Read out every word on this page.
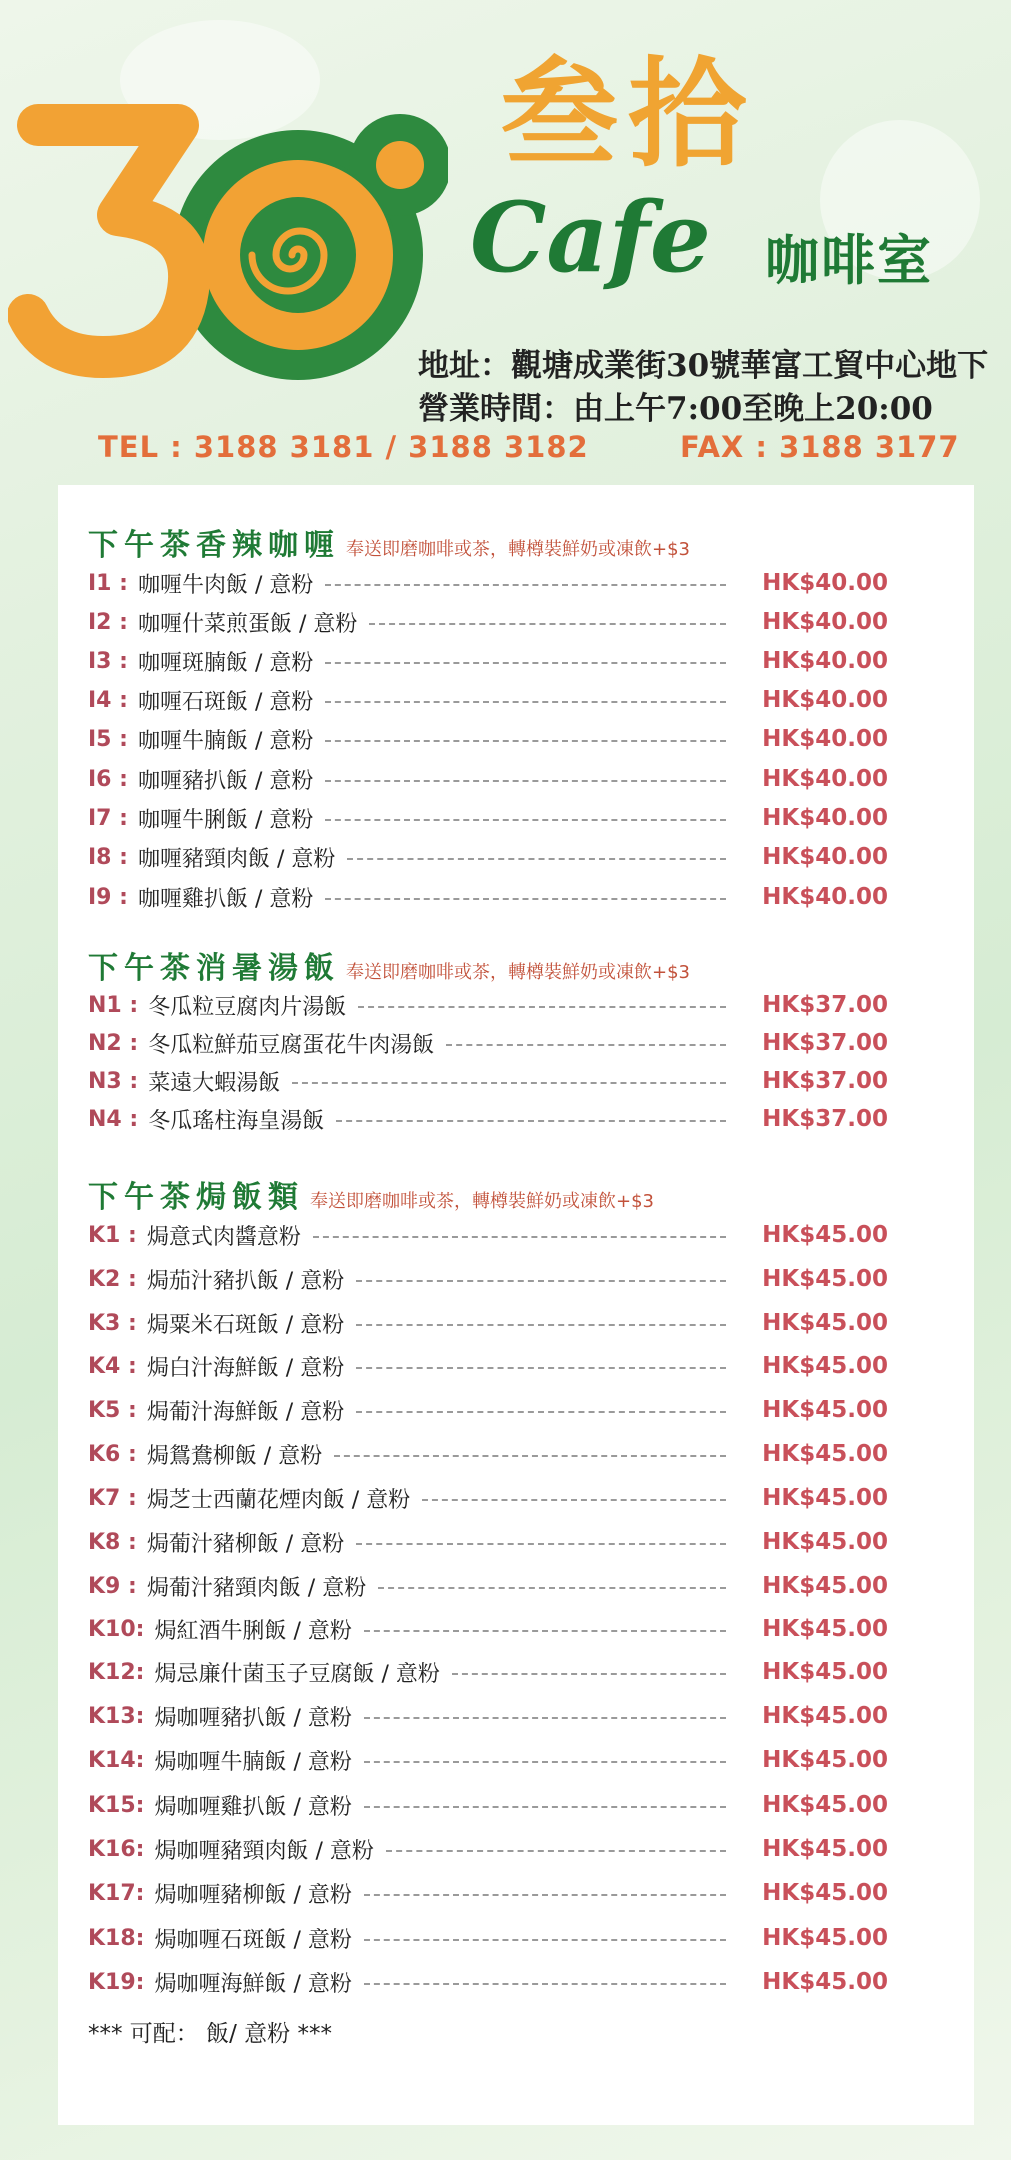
叁拾
Cafe 咖啡室
地址：觀塘成業街30號華富工貿中心地下
營業時間：由上午7:00至晚上20:00
TEL : 3188 3181 / 3188 3182	FAX : 3188 3177
下午茶香辣咖喱 奉送即磨咖啡或茶，轉樽裝鮮奶或凍飲+$3
I1 : 咖喱牛肉飯 / 意粉	HK$40.00
I2 : 咖喱什菜煎蛋飯 / 意粉	HK$40.00
I3 : 咖喱斑腩飯 / 意粉	HK$40.00
I4 : 咖喱石斑飯 / 意粉	HK$40.00
I5 : 咖喱牛腩飯 / 意粉	HK$40.00
I6 : 咖喱豬扒飯 / 意粉	HK$40.00
I7 : 咖喱牛脷飯 / 意粉	HK$40.00
I8 : 咖喱豬頸肉飯 / 意粉	HK$40.00
I9 : 咖喱雞扒飯 / 意粉	HK$40.00
下午茶消暑湯飯 奉送即磨咖啡或茶，轉樽裝鮮奶或凍飲+$3
N1 : 冬瓜粒豆腐肉片湯飯	HK$37.00
N2 : 冬瓜粒鮮茄豆腐蛋花牛肉湯飯	HK$37.00
N3 : 菜遠大蝦湯飯	HK$37.00
N4 : 冬瓜瑤柱海皇湯飯	HK$37.00
下午茶焗飯類 奉送即磨咖啡或茶，轉樽裝鮮奶或凍飲+$3
K1 : 焗意式肉醬意粉	HK$45.00
K2 : 焗茄汁豬扒飯 / 意粉	HK$45.00
K3 : 焗粟米石斑飯 / 意粉	HK$45.00
K4 : 焗白汁海鮮飯 / 意粉	HK$45.00
K5 : 焗葡汁海鮮飯 / 意粉	HK$45.00
K6 : 焗鴛鴦柳飯 / 意粉	HK$45.00
K7 : 焗芝士西蘭花煙肉飯 / 意粉	HK$45.00
K8 : 焗葡汁豬柳飯 / 意粉	HK$45.00
K9 : 焗葡汁豬頸肉飯 / 意粉	HK$45.00
K10: 焗紅酒牛脷飯 / 意粉	HK$45.00
K12: 焗忌廉什菌玉子豆腐飯 / 意粉	HK$45.00
K13: 焗咖喱豬扒飯 / 意粉	HK$45.00
K14: 焗咖喱牛腩飯 / 意粉	HK$45.00
K15: 焗咖喱雞扒飯 / 意粉	HK$45.00
K16: 焗咖喱豬頸肉飯 / 意粉	HK$45.00
K17: 焗咖喱豬柳飯 / 意粉	HK$45.00
K18: 焗咖喱石斑飯 / 意粉	HK$45.00
K19: 焗咖喱海鮮飯 / 意粉	HK$45.00
*** 可配： 飯/ 意粉 ***
